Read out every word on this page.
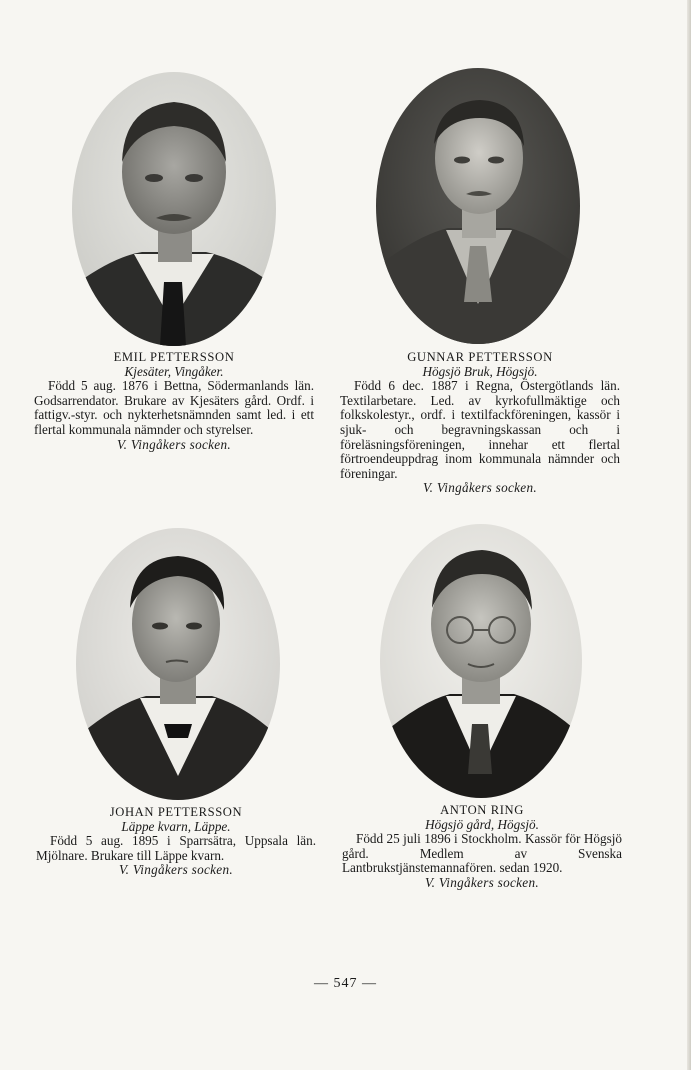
EMIL PETTERSSON
Kjesäter, Vingåker.
Född 5 aug. 1876 i Bettna, Södermanlands län. Godsarrendator. Brukare av Kjesäters gård. Ordf. i fattigv.-styr. och nykterhetsnämnden samt led. i ett flertal kommunala nämnder och styrelser.
V. Vingåkers socken.
GUNNAR PETTERSSON
Högsjö Bruk, Högsjö.
Född 6 dec. 1887 i Regna, Östergötlands län. Textilarbetare. Led. av kyrkofullmäktige och folkskolestyr., ordf. i textilfackföreningen, kassör i sjuk- och begravningskassan och i föreläsningsföreningen, innehar ett flertal förtroendeuppdrag inom kommunala nämnder och föreningar.
V. Vingåkers socken.
JOHAN PETTERSSON
Läppe kvarn, Läppe.
Född 5 aug. 1895 i Sparrsätra, Uppsala län. Mjölnare. Brukare till Läppe kvarn.
V. Vingåkers socken.
ANTON RING
Högsjö gård, Högsjö.
Född 25 juli 1896 i Stockholm. Kassör för Högsjö gård. Medlem av Svenska Lantbrukstjänstemannafören. sedan 1920.
V. Vingåkers socken.
— 547 —
